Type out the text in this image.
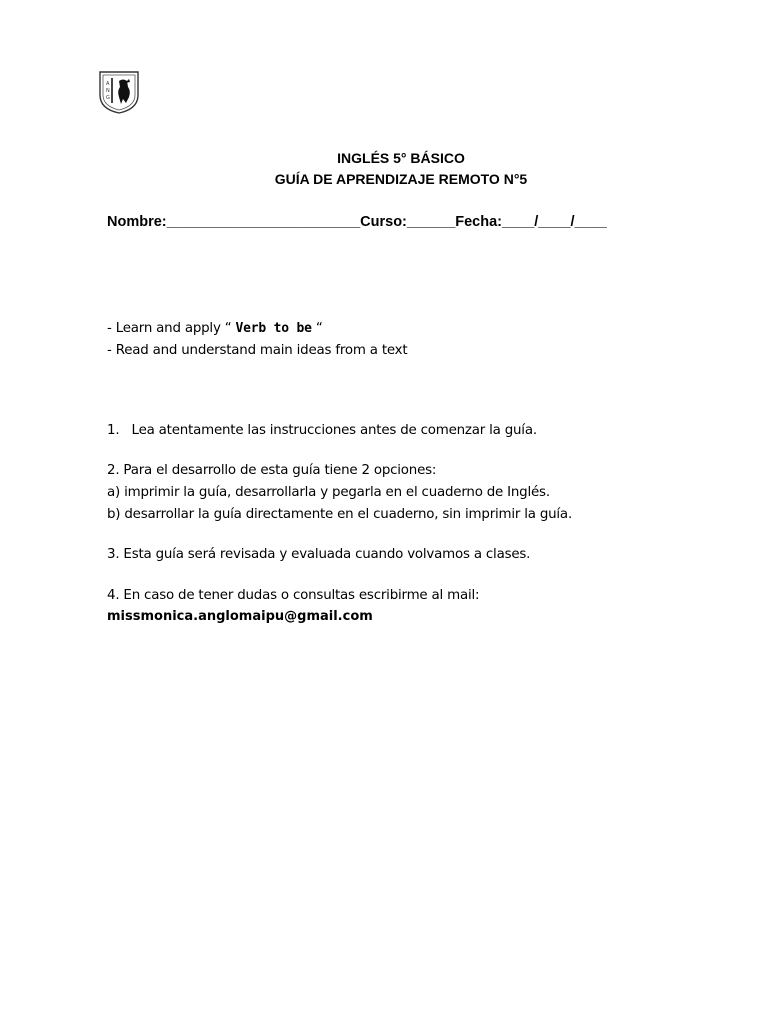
A
N
G
INGLÉS 5° BÁSICO
GUÍA DE APRENDIZAJE REMOTO N°5
Nombre:________________________Curso:______Fecha:____/____/____
- Learn and apply “ Verb to be “
- Read and understand main ideas from a text
1.   Lea atentamente las instrucciones antes de comenzar la guía.
2. Para el desarrollo de esta guía tiene 2 opciones:
a) imprimir la guía, desarrollarla y pegarla en el cuaderno de Inglés.
b) desarrollar la guía directamente en el cuaderno, sin imprimir la guía.
3. Esta guía será revisada y evaluada cuando volvamos a clases.
4. En caso de tener dudas o consultas escribirme al mail:
missmonica.anglomaipu@gmail.com
